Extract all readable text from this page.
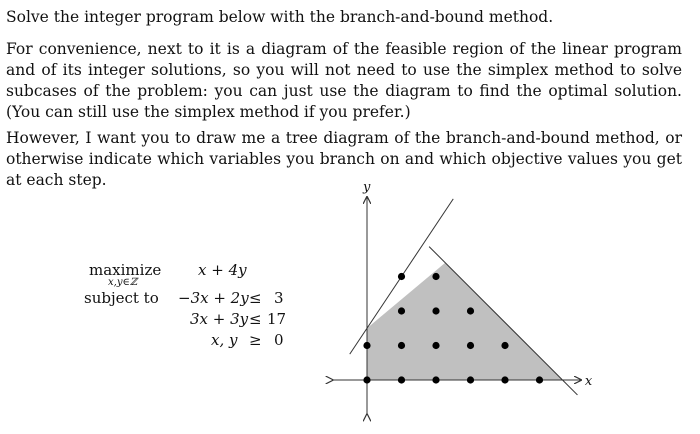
Solve the integer program below with the branch-and-bound method.

For convenience, next to it is a diagram of the feasible region of the linear program and of its integer solutions, so you will not need to use the simplex method to solve subcases of the problem: you can just use the diagram to find the optimal solution. (You can still use the simplex method if you prefer.)

However, I want you to draw me a tree diagram of the branch-and-bound method, or otherwise indicate which variables you branch on and which objective values you get at each step.

maximize
x,y∈ℤ
x + 4y
subject to −3x + 2y ≤ 3
3x + 3y ≤ 17
x, y ≥ 0
x
y
